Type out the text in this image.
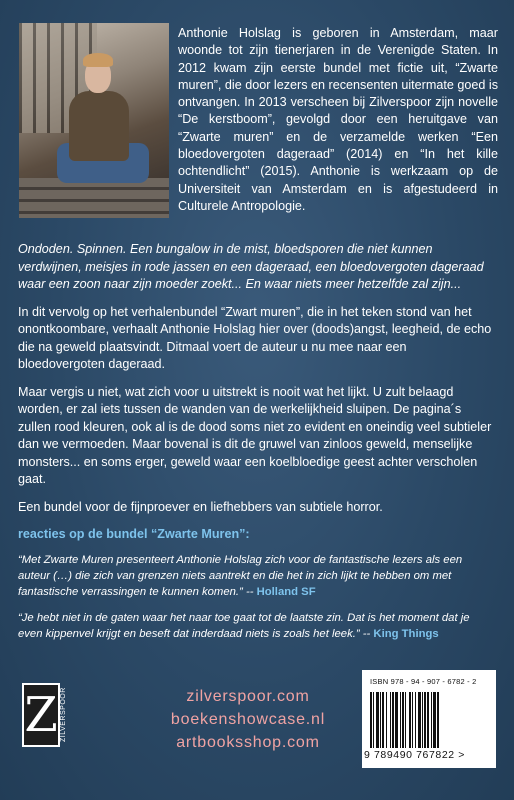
Anthonie Holslag is geboren in Amsterdam, maar woonde tot zijn tienerjaren in de Verenigde Staten. In 2012 kwam zijn eerste bundel met fictie uit, “Zwarte muren”, die door lezers en recensenten uitermate goed is ontvangen. In 2013 verscheen bij Zilverspoor zijn novelle “De kerstboom”, gevolgd door een heruitgave van “Zwarte muren” en de verzamelde werken “Een bloedovergoten dageraad” (2014) en “In het kille ochtendlicht” (2015). Anthonie is werkzaam op de Universiteit van Amsterdam en is afgestudeerd in Culturele Antropologie.

Ondoden. Spinnen. Een bungalow in de mist, bloedsporen die niet kunnen verdwijnen, meisjes in rode jassen en een dageraad, een bloedovergoten dageraad waar een zoon naar zijn moeder zoekt... En waar niets meer hetzelfde zal zijn...

In dit vervolg op het verhalenbundel “Zwart muren”, die in het teken stond van het onontkoombare, verhaalt Anthonie Holslag hier over (doods)angst, leegheid, de echo die na geweld plaatsvindt. Ditmaal voert de auteur u nu mee naar een bloedovergoten dageraad.

Maar vergis u niet, wat zich voor u uitstrekt is nooit wat het lijkt. U zult belaagd worden, er zal iets tussen de wanden van de werkelijkheid sluipen. De pagina´s zullen rood kleuren, ook al is de dood soms niet zo evident en oneindig veel subtieler dan we vermoeden. Maar bovenal is dit de gruwel van zinloos geweld, menselijke monsters... en soms erger, geweld waar een koelbloedige geest achter verscholen gaat.

Een bundel voor de fijnproever en liefhebbers van subtiele horror.

reacties op de bundel “Zwarte Muren”:

“Met Zwarte Muren presenteert Anthonie Holslag zich voor de fantastische lezers als een auteur (…) die zich van grenzen niets aantrekt en die het in zich lijkt te hebben om met fantastische verrassingen te kunnen komen.” -- Holland SF

“Je hebt niet in de gaten waar het naar toe gaat tot de laatste zin. Dat is het moment dat je even kippenvel krijgt en beseft dat inderdaad niets is zoals het leek.” -- King Things

Z ZILVERSPOOR	zilverspoor.com
boekenshowcase.nl
artbooksshop.com
ISBN 978 - 94 - 907 - 6782 - 2
9 789490 767822 >
